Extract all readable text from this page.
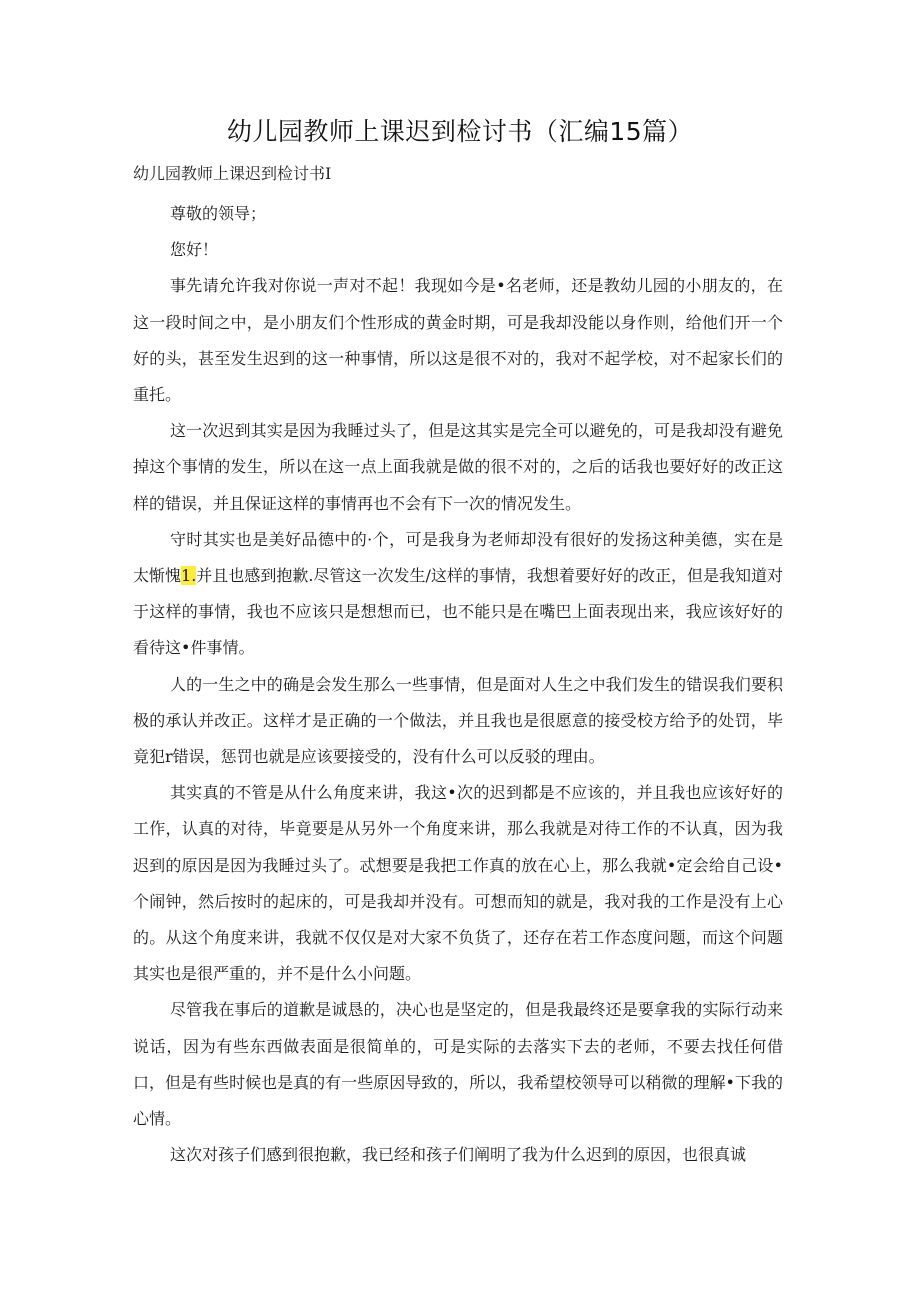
幼儿园教师上课迟到检讨书（汇编15篇）
幼儿园教师上课迟到检讨书I

尊敬的领导；

您好！

事先请允许我对你说一声对不起！我现如今是•名老师，还是教幼儿园的小朋友的，在这一段时间之中，是小朋友们个性形成的黄金时期，可是我却没能以身作则，给他们开一个好的头，甚至发生迟到的这一种事情，所以这是很不对的，我对不起学校，对不起家长们的重托。

这一次迟到其实是因为我睡过头了，但是这其实是完全可以避免的，可是我却没有避免掉这个事情的发生，所以在这一点上面我就是做的很不对的，之后的话我也要好好的改正这样的错误，并且保证这样的事情再也不会有下一次的情况发生。

守时其实也是美好品德中的·个，可是我身为老师却没有很好的发扬这种美德，实在是太惭愧1.并且也感到抱歉.尽管这一次发生/这样的事情，我想着要好好的改正，但是我知道对于这样的事情，我也不应该只是想想而已，也不能只是在嘴巴上面表现出来，我应该好好的看待这•件事情。

人的一生之中的确是会发生那么一些事情，但是面对人生之中我们发生的错误我们要积极的承认并改正。这样才是正确的一个做法，并且我也是很愿意的接受校方给予的处罚，毕竟犯r错误，惩罚也就是应该要接受的，没有什么可以反驳的理由。

其实真的不管是从什么角度来讲，我这•次的迟到都是不应该的，并且我也应该好好的工作，认真的对待，毕竟要是从另外一个角度来讲，那么我就是对待工作的不认真，因为我迟到的原因是因为我睡过头了。忒想要是我把工作真的放在心上，那么我就•定会给自己设•个闹钟，然后按时的起床的，可是我却并没有。可想而知的就是，我对我的工作是没有上心的。从这个角度来讲，我就不仅仅是对大家不负货了，还存在若工作态度问题，而这个问题其实也是很严重的，并不是什么小问题。

尽管我在事后的道歉是诚恳的，决心也是坚定的，但是我最终还是要拿我的实际行动来说话，因为有些东西做表面是很简单的，可是实际的去落实下去的老师，不要去找任何借口，但是有些时候也是真的有一些原因导致的，所以，我希望校领导可以稍微的理解•下我的心情。

这次对孩子们感到很抱歉，我已经和孩子们阐明了我为什么迟到的原因，也很真诚
